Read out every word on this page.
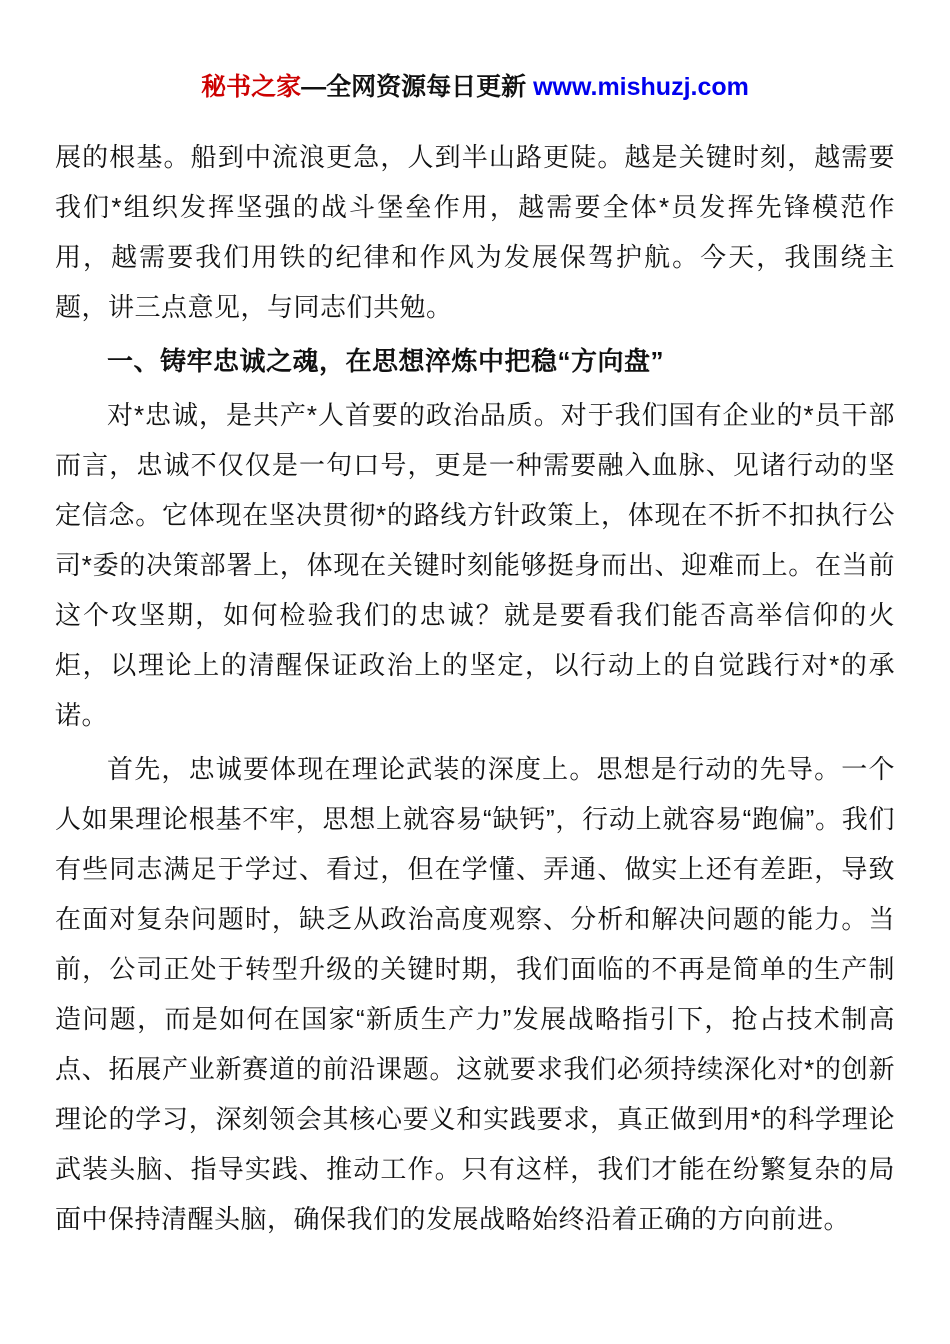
秘书之家—全网资源每日更新 www.mishuzj.com

展的根基。船到中流浪更急，人到半山路更陡。越是关键时刻，越需要我们*组织发挥坚强的战斗堡垒作用，越需要全体*员发挥先锋模范作用，越需要我们用铁的纪律和作风为发展保驾护航。今天，我围绕主题，讲三点意见，与同志们共勉。

一、铸牢忠诚之魂，在思想淬炼中把稳“方向盘”

对*忠诚，是共产*人首要的政治品质。对于我们国有企业的*员干部而言，忠诚不仅仅是一句口号，更是一种需要融入血脉、见诸行动的坚定信念。它体现在坚决贯彻*的路线方针政策上，体现在不折不扣执行公司*委的决策部署上，体现在关键时刻能够挺身而出、迎难而上。在当前这个攻坚期，如何检验我们的忠诚？就是要看我们能否高举信仰的火炬，以理论上的清醒保证政治上的坚定，以行动上的自觉践行对*的承诺。

首先，忠诚要体现在理论武装的深度上。思想是行动的先导。一个人如果理论根基不牢，思想上就容易“缺钙”，行动上就容易“跑偏”。我们有些同志满足于学过、看过，但在学懂、弄通、做实上还有差距，导致在面对复杂问题时，缺乏从政治高度观察、分析和解决问题的能力。当前，公司正处于转型升级的关键时期，我们面临的不再是简单的生产制造问题，而是如何在国家“新质生产力”发展战略指引下，抢占技术制高点、拓展产业新赛道的前沿课题。这就要求我们必须持续深化对*的创新理论的学习，深刻领会其核心要义和实践要求，真正做到用*的科学理论武装头脑、指导实践、推动工作。只有这样，我们才能在纷繁复杂的局面中保持清醒头脑，确保我们的发展战略始终沿着正确的方向前进。
